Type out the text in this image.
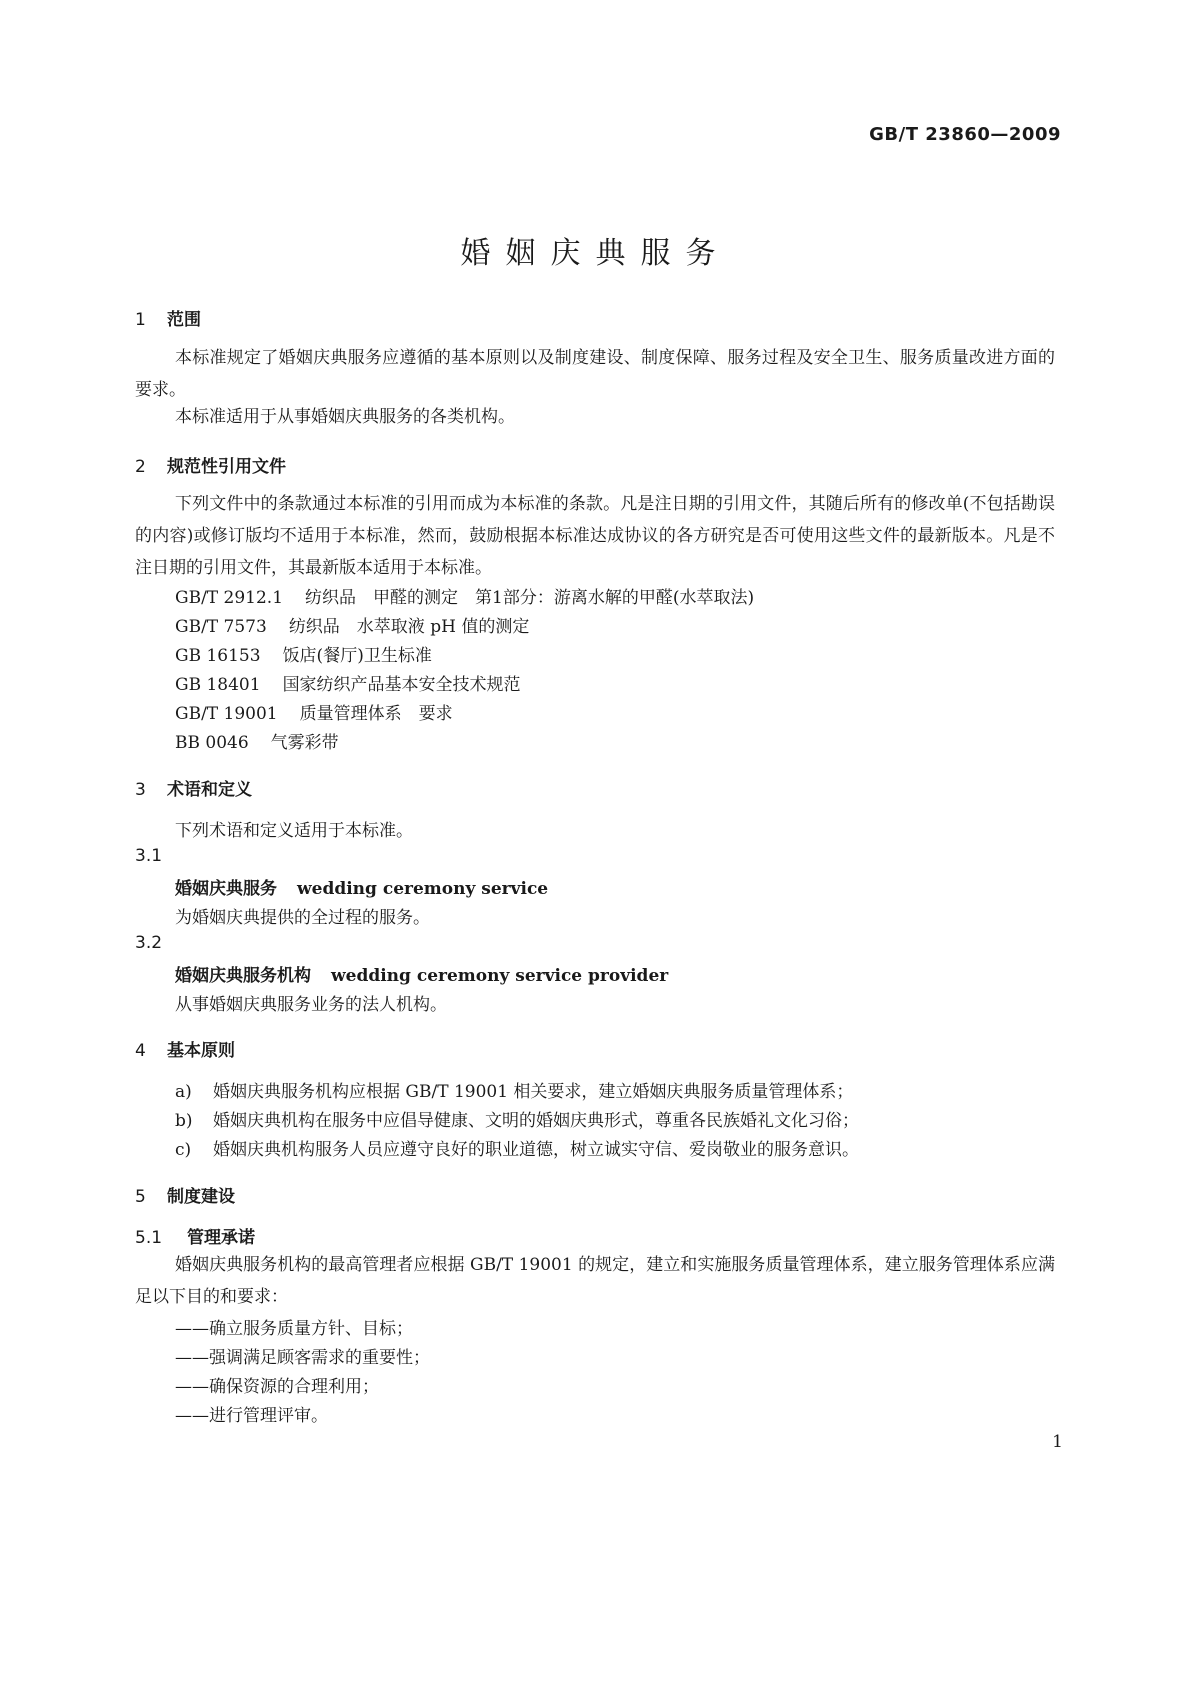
GB/T 23860—2009
婚姻庆典服务
1 范围
本标准规定了婚姻庆典服务应遵循的基本原则以及制度建设、制度保障、服务过程及安全卫生、服务质量改进方面的要求。
本标准适用于从事婚姻庆典服务的各类机构。
2 规范性引用文件
下列文件中的条款通过本标准的引用而成为本标准的条款。凡是注日期的引用文件，其随后所有的修改单(不包括勘误的内容)或修订版均不适用于本标准，然而，鼓励根据本标准达成协议的各方研究是否可使用这些文件的最新版本。凡是不注日期的引用文件，其最新版本适用于本标准。
GB/T 2912.1 纺织品　甲醛的测定　第1部分：游离水解的甲醛(水萃取法)
GB/T 7573 纺织品　水萃取液 pH 值的测定
GB 16153 饭店(餐厅)卫生标准
GB 18401 国家纺织产品基本安全技术规范
GB/T 19001 质量管理体系　要求
BB 0046 气雾彩带
3 术语和定义
下列术语和定义适用于本标准。
3.1
婚姻庆典服务 wedding ceremony service
为婚姻庆典提供的全过程的服务。
3.2
婚姻庆典服务机构 wedding ceremony service provider
从事婚姻庆典服务业务的法人机构。
4 基本原则
a) 婚姻庆典服务机构应根据 GB/T 19001 相关要求，建立婚姻庆典服务质量管理体系；
b) 婚姻庆典机构在服务中应倡导健康、文明的婚姻庆典形式，尊重各民族婚礼文化习俗；
c) 婚姻庆典机构服务人员应遵守良好的职业道德，树立诚实守信、爱岗敬业的服务意识。
5 制度建设
5.1 管理承诺
婚姻庆典服务机构的最高管理者应根据 GB/T 19001 的规定，建立和实施服务质量管理体系，建立服务管理体系应满足以下目的和要求：
——确立服务质量方针、目标；
——强调满足顾客需求的重要性；
——确保资源的合理利用；
——进行管理评审。
1
